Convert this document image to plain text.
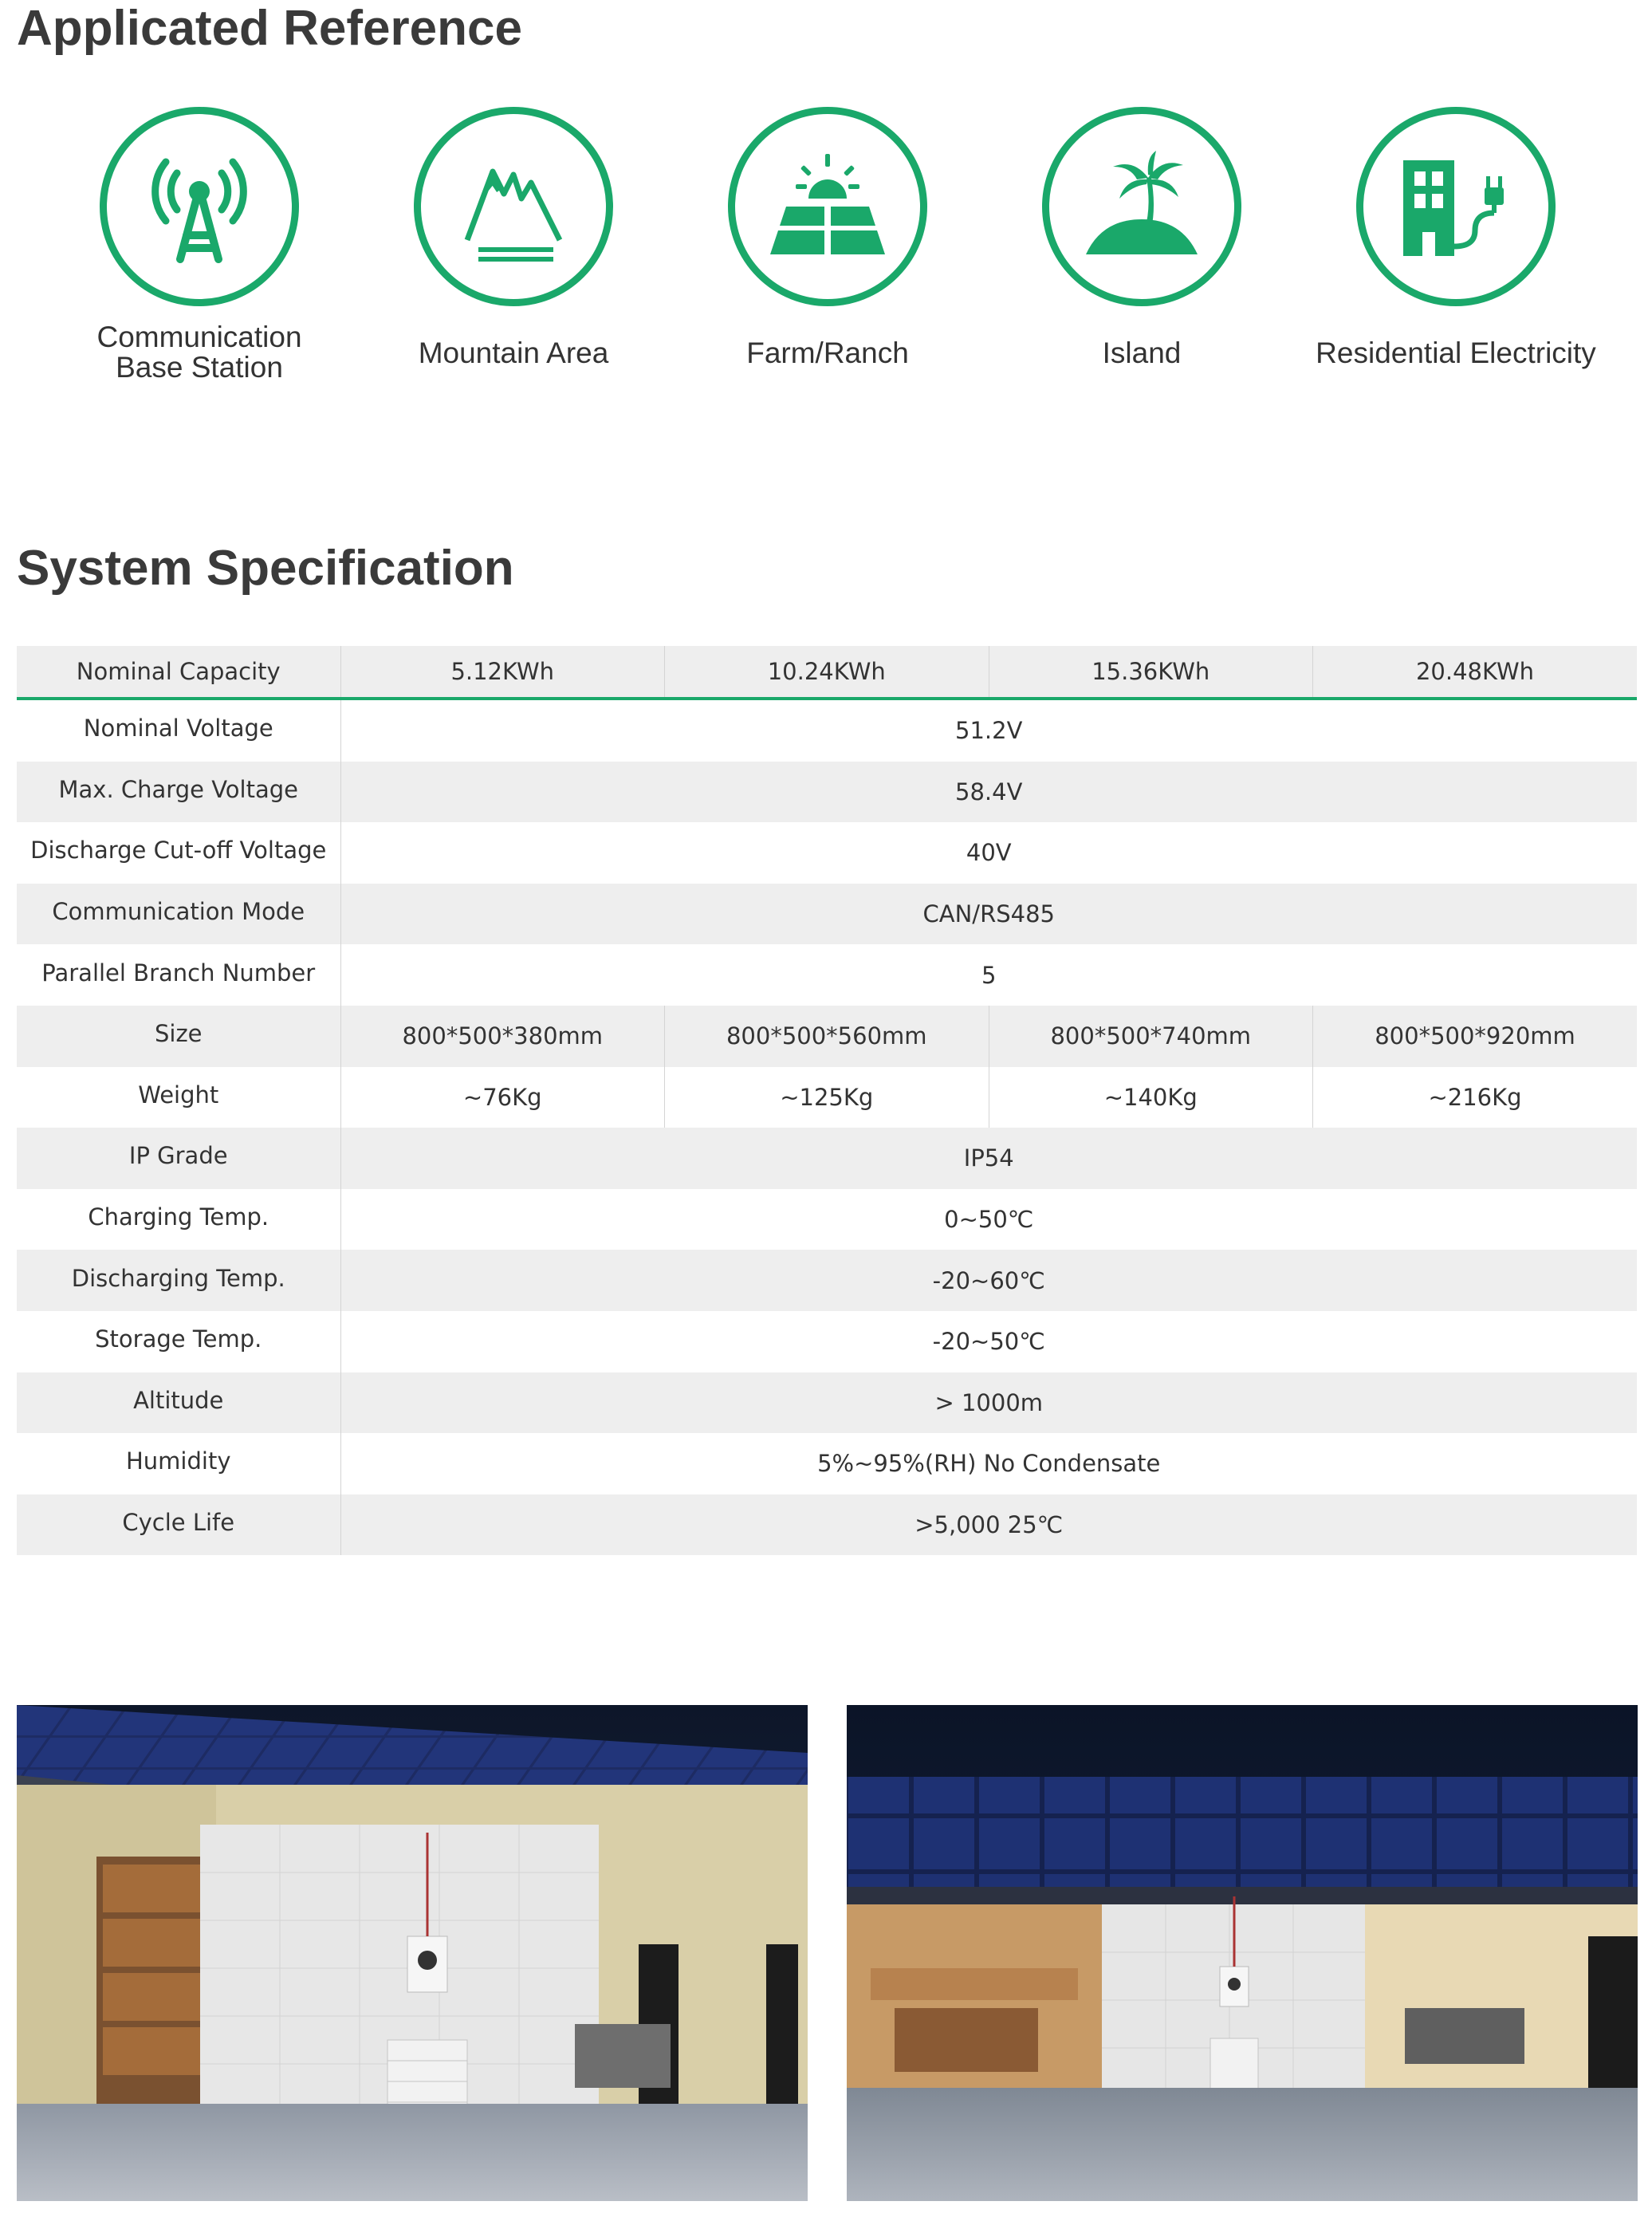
Applicated Reference
Communication
Base Station	Mountain Area	Farm/Ranch	Island	Residential Electricity
System Specification
Nominal Capacity	5.12KWh	10.24KWh	15.36KWh	20.48KWh
Nominal Voltage	51.2V			
Max. Charge Voltage	58.4V			
Discharge Cut-off Voltage	40V			
Communication Mode	CAN/RS485			
Parallel Branch Number	5			
Size	800*500*380mm	800*500*560mm	800*500*740mm	800*500*920mm
Weight	~76Kg	~125Kg	~140Kg	~216Kg
IP Grade	IP54			
Charging Temp.	0~50℃			
Discharging Temp.	-20~60℃			
Storage Temp.	-20~50℃			
Altitude	> 1000m			
Humidity	5%~95%(RH) No Condensate			
Cycle Life	>5,000 25℃			
